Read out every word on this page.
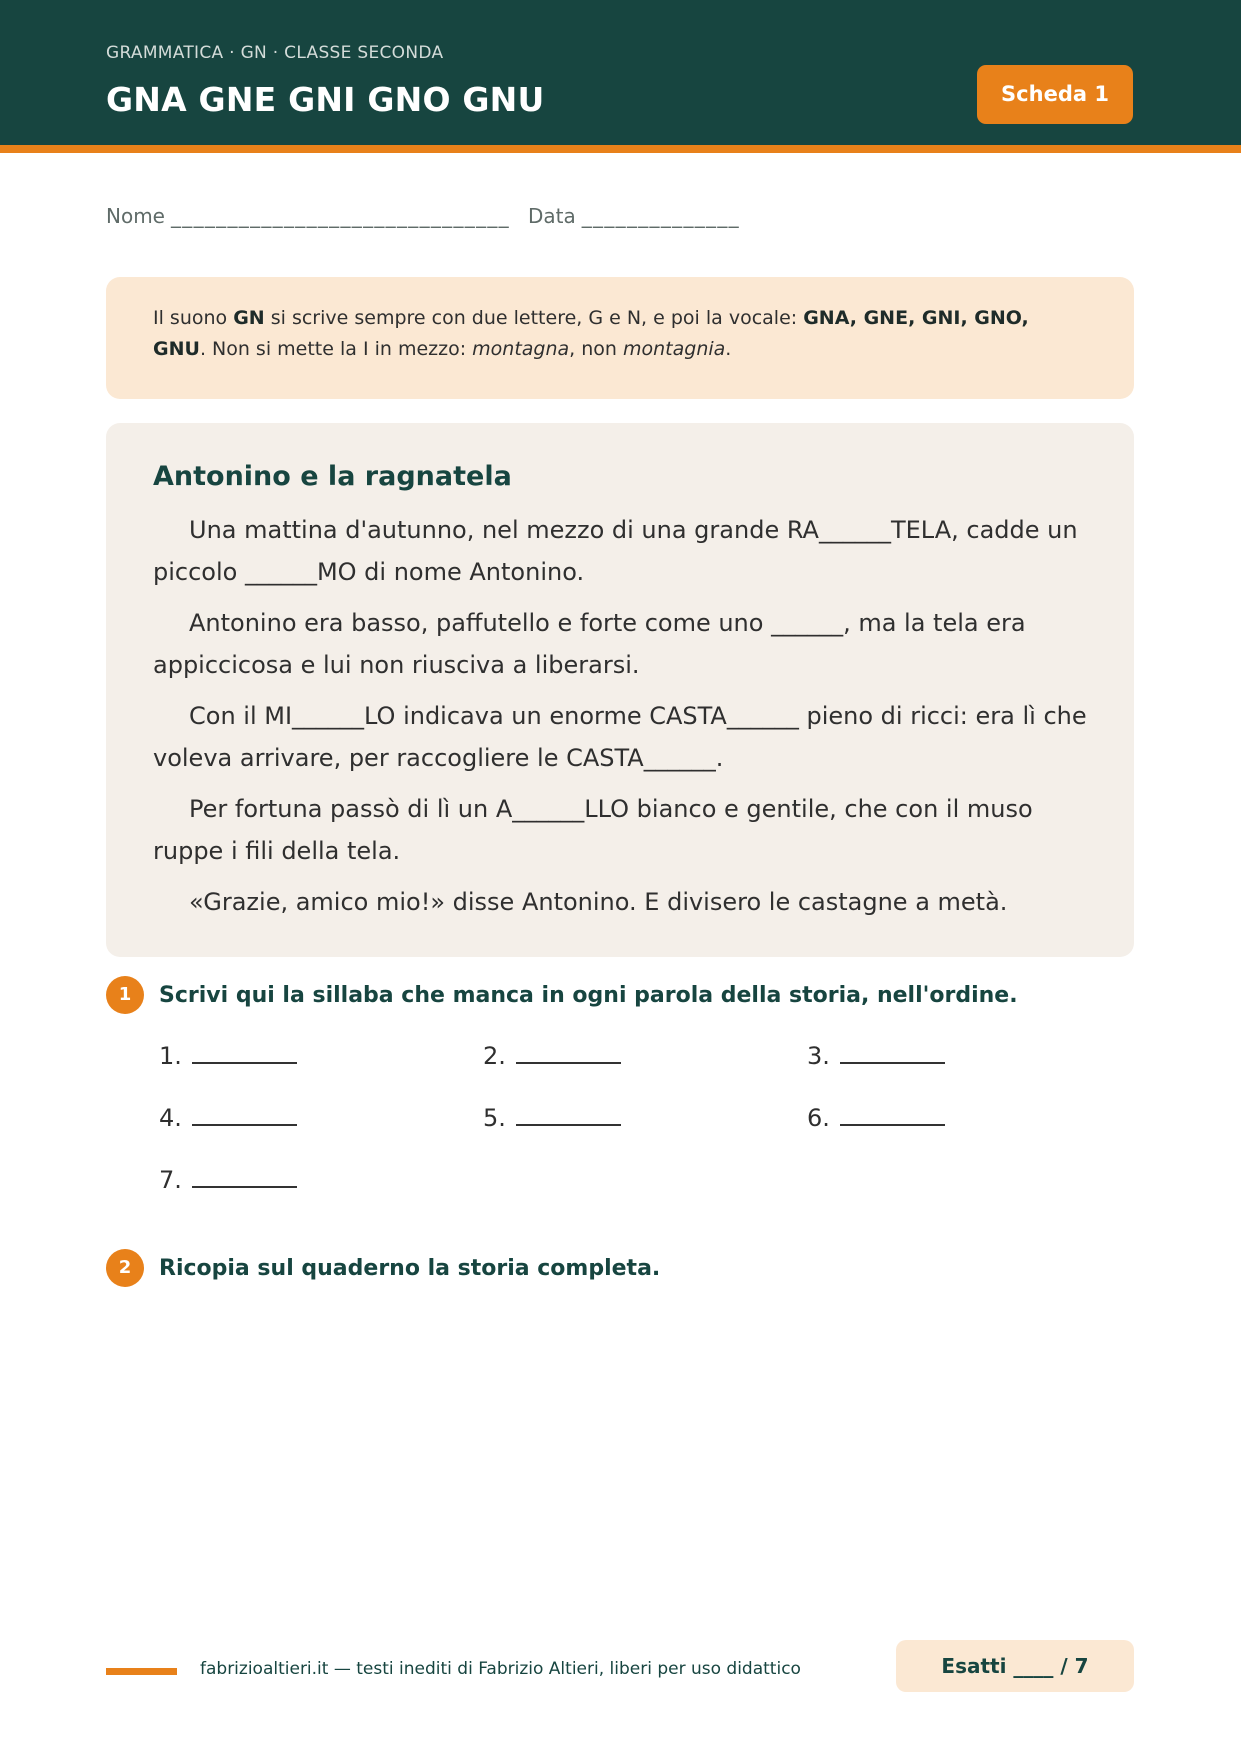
GRAMMATICA · GN · CLASSE SECONDA
GNA GNE GNI GNO GNU	Scheda 1
Nome ______________________________ Data ______________
Il suono GN si scrive sempre con due lettere, G e N, e poi la vocale: GNA, GNE, GNI, GNO, GNU. Non si mette la I in mezzo: montagna, non montagnia.
Antonino e la ragnatela

Una mattina d'autunno, nel mezzo di una grande RA______TELA, cadde un piccolo ______MO di nome Antonino.

Antonino era basso, paffutello e forte come uno ______, ma la tela era appiccicosa e lui non riusciva a liberarsi.

Con il MI______LO indicava un enorme CASTA______ pieno di ricci: era lì che voleva arrivare, per raccogliere le CASTA______.

Per fortuna passò di lì un A______LLO bianco e gentile, che con il muso ruppe i fili della tela.

«Grazie, amico mio!» disse Antonino. E divisero le castagne a metà.

1	Scrivi qui la sillaba che manca in ogni parola della storia, nell'ordine.
1.	2.	3.
4.	5.	6.
7.
2	Ricopia sul quaderno la storia completa.
fabrizioaltieri.it — testi inediti di Fabrizio Altieri, liberi per uso didattico	Esatti ____ / 7
